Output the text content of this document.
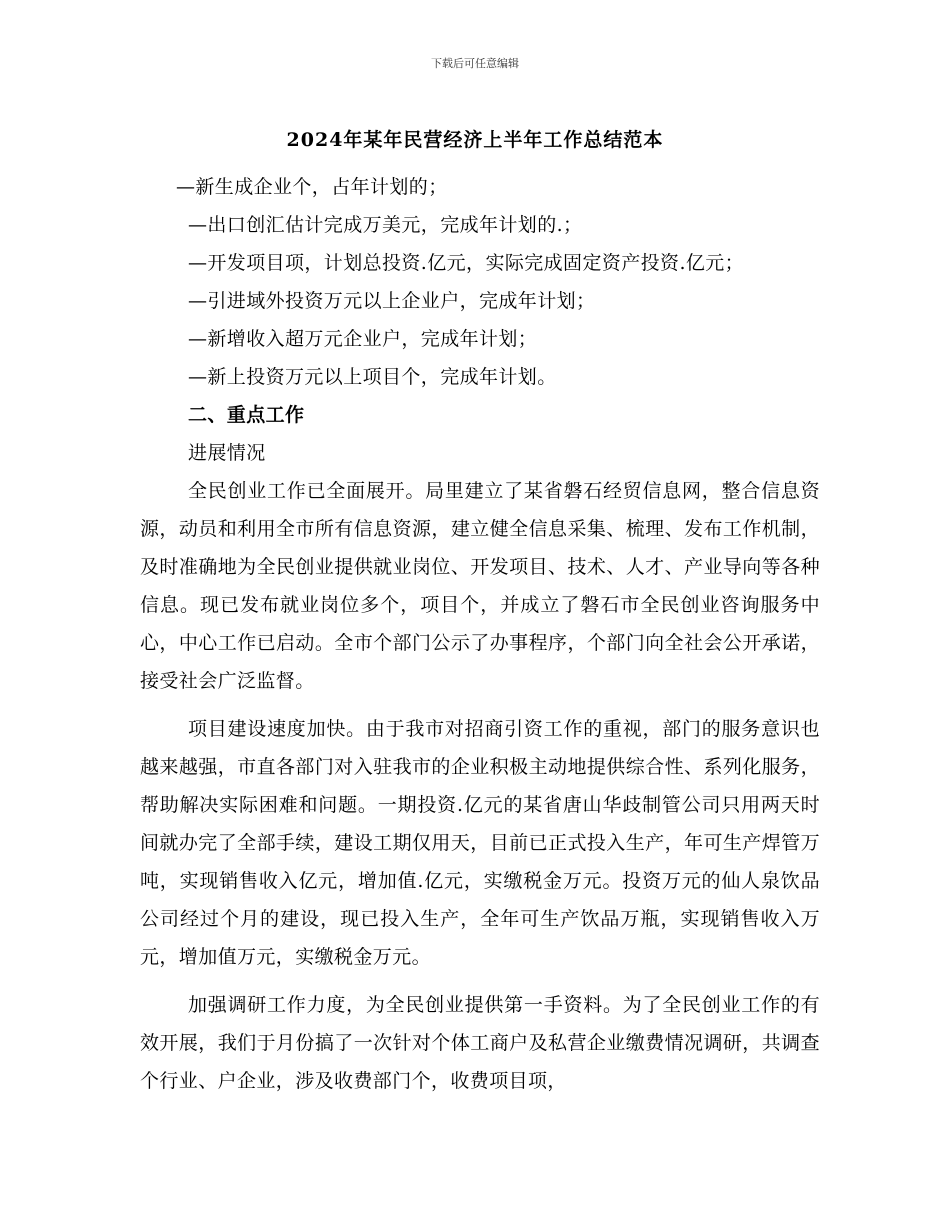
下载后可任意编辑
2024年某年民营经济上半年工作总结范本

—新生成企业个，占年计划的；

—出口创汇估计完成万美元，完成年计划的.；

—开发项目项，计划总投资.亿元，实际完成固定资产投资.亿元；

—引进域外投资万元以上企业户，完成年计划；

—新增收入超万元企业户，完成年计划；

—新上投资万元以上项目个，完成年计划。

二、重点工作

进展情况

全民创业工作已全面展开。局里建立了某省磐石经贸信息网，整合信息资源，动员和利用全市所有信息资源，建立健全信息采集、梳理、发布工作机制，及时准确地为全民创业提供就业岗位、开发项目、技术、人才、产业导向等各种信息。现已发布就业岗位多个，项目个，并成立了磐石市全民创业咨询服务中心，中心工作已启动。全市个部门公示了办事程序，个部门向全社会公开承诺，接受社会广泛监督。

项目建设速度加快。由于我市对招商引资工作的重视，部门的服务意识也越来越强，市直各部门对入驻我市的企业积极主动地提供综合性、系列化服务，帮助解决实际困难和问题。一期投资.亿元的某省唐山华歧制管公司只用两天时间就办完了全部手续，建设工期仅用天，目前已正式投入生产，年可生产焊管万吨，实现销售收入亿元，增加值.亿元，实缴税金万元。投资万元的仙人泉饮品公司经过个月的建设，现已投入生产，全年可生产饮品万瓶，实现销售收入万元，增加值万元，实缴税金万元。

加强调研工作力度，为全民创业提供第一手资料。为了全民创业工作的有效开展，我们于月份搞了一次针对个体工商户及私营企业缴费情况调研，共调查个行业、户企业，涉及收费部门个，收费项目项，
